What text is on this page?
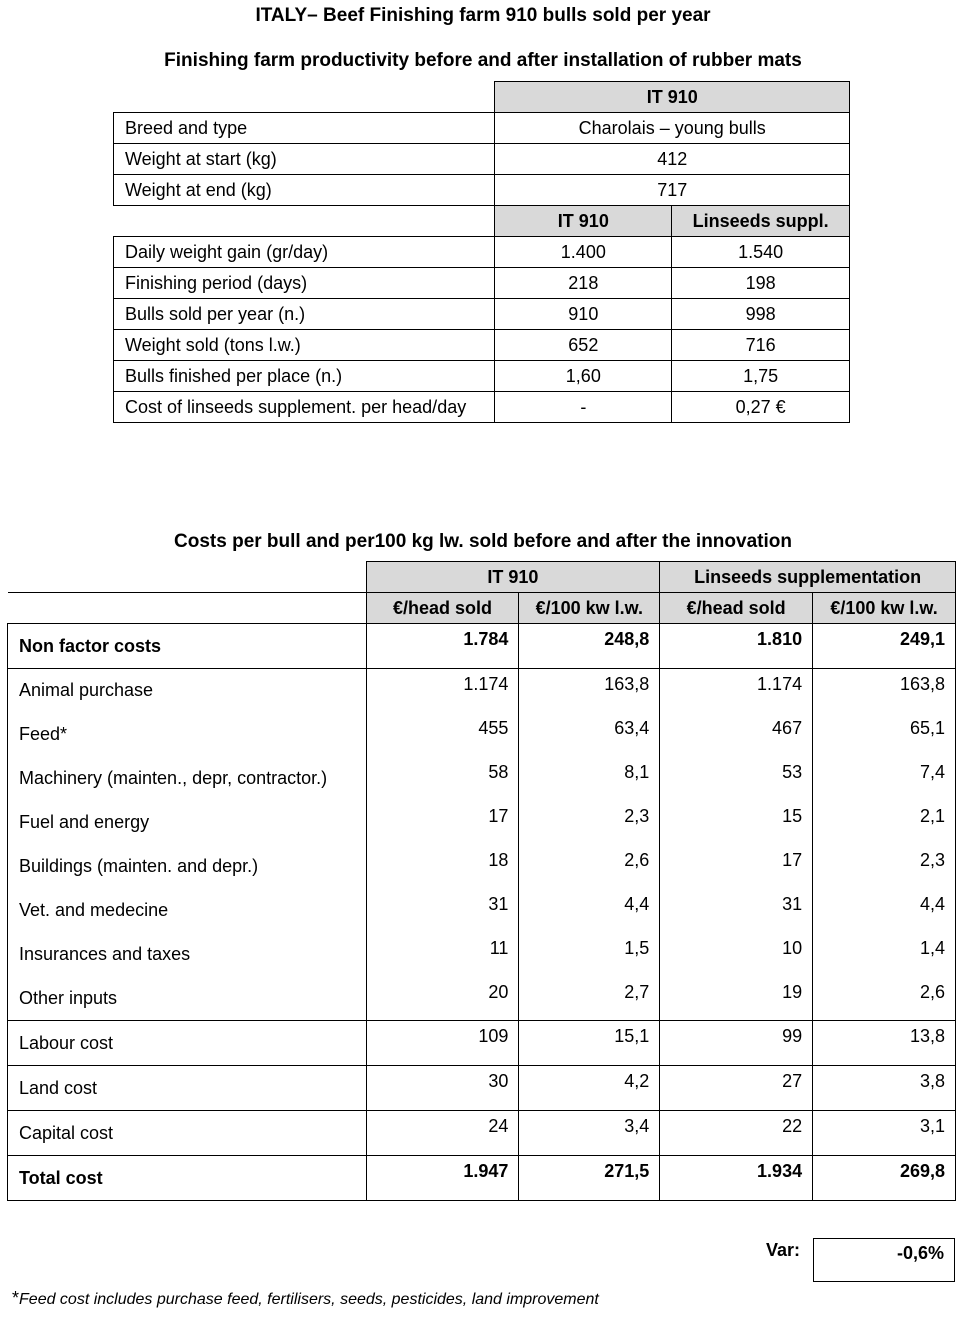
ITALY– Beef Finishing farm 910 bulls sold per year
Finishing farm productivity before and after installation of rubber mats
	IT 910	
Breed and type	Charolais – young bulls	
Weight at start (kg)	412	
Weight at end (kg)	717	
	IT 910	Linseeds suppl.
Daily weight gain (gr/day)	1.400	1.540
Finishing period (days)	218	198
Bulls sold per year (n.)	910	998
Weight sold (tons l.w.)	652	716
Bulls finished per place (n.)	1,60	1,75
Cost of linseeds supplement. per head/day	-	0,27 €
Costs per bull and per100 kg lw. sold before and after the innovation
	IT 910		Linseeds supplementation	
	€/head sold	€/100 kw l.w.	€/head sold	€/100 kw l.w.
Non factor costs	1.784	248,8	1.810	249,1
Animal purchase	1.174	163,8	1.174	163,8
Feed*	455	63,4	467	65,1
Machinery (mainten., depr, contractor.)	58	8,1	53	7,4
Fuel and energy	17	2,3	15	2,1
Buildings (mainten. and depr.)	18	2,6	17	2,3
Vet. and medecine	31	4,4	31	4,4
Insurances and taxes	11	1,5	10	1,4
Other inputs	20	2,7	19	2,6
Labour cost	109	15,1	99	13,8
Land cost	30	4,2	27	3,8
Capital cost	24	3,4	22	3,1
Total cost	1.947	271,5	1.934	269,8
Var:	-0,6%
*Feed cost includes purchase feed, fertilisers, seeds, pesticides, land improvement
